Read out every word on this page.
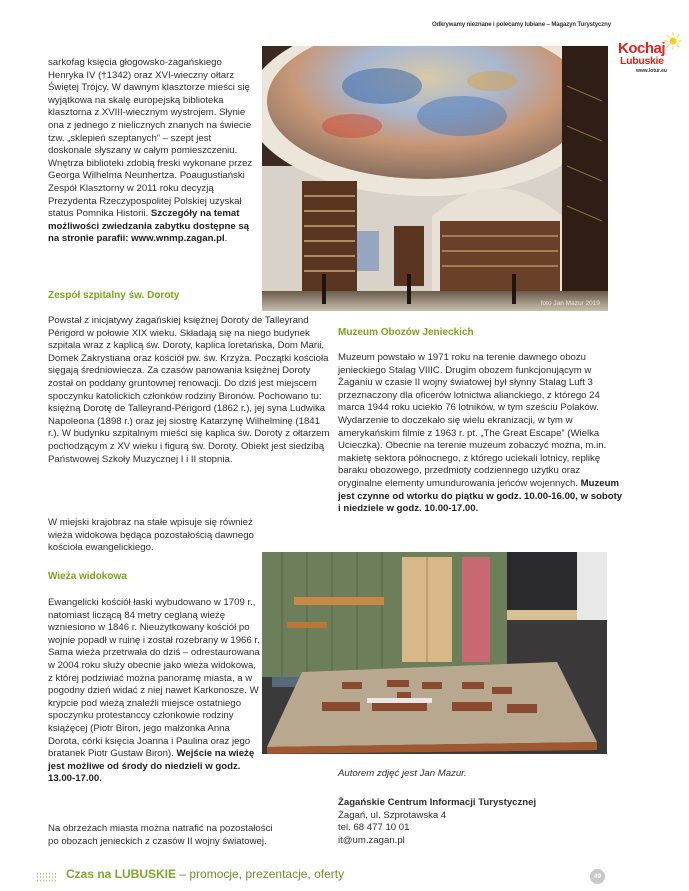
Odkrywamy nieznane i polecamy lubiane – Magazyn Turystyczny
Kochaj
Lubuskie
www.lotur.eu
foto Jan Mazur 2019

sarkofag księcia głogowsko-żagańskiego Henryka IV (†1342) oraz XVI-wieczny ołtarz Świętej Trójcy. W dawnym klasztorze mieści się wyjątkowa na skalę europejską biblioteka klasztorna z XVIII-wiecznym wystrojem. Słynie ona z jednego z nielicznych znanych na świecie tzw. „sklepień szeptanych” – szept jest doskonale słyszany w całym pomieszczeniu. Wnętrza biblioteki zdobią freski wykonane przez Georga Wilhelma Neunhertza. Poaugustiański Zespół Klasztorny w 2011 roku decyzją Prezydenta Rzeczypospolitej Polskiej uzyskał status Pomnika Historii. Szczegóły na temat możliwości zwiedzania zabytku dostępne są na stronie parafii: www.wnmp.zagan.pl.

Zespół szpitalny św. Doroty
Powstał z inicjatywy żagańskiej księżnej Doroty de Talleyrand Périgord w połowie XIX wieku. Składają się na niego budynek szpitala wraz z kaplicą św. Doroty, kaplica loretańska, Dom Marii, Domek Zakrystiana oraz kościół pw. św. Krzyża. Początki kościoła sięgają średniowiecza. Za czasów panowania księżnej Doroty został on poddany gruntownej renowacji. Do dziś jest miejscem spoczynku katolickich członków rodziny Bironów. Pochowano tu: księżną Dorotę de Talleyrand-Périgord (1862 r.), jej syna Ludwika Napoleona (1898 r.) oraz jej siostrę Katarzynę Wilhelminę (1841 r.). W budynku szpitalnym mieści się kaplica św. Doroty z ołtarzem pochodzącym z XV wieku i figurą św. Doroty. Obiekt jest siedzibą Państwowej Szkoły Muzycznej I i II stopnia.
W miejski krajobraz na stałe wpisuje się również wieża widokowa będąca pozostałością dawnego kościoła ewangelickiego.
Wieża widokowa
Ewangelicki kościół łaski wybudowano w 1709 r., natomiast liczącą 84 metry ceglaną wieżę wzniesiono w 1846 r. Nieużytkowany kościół po wojnie popadł w ruinę i został rozebrany w 1966 r. Sama wieża przetrwała do dziś – odrestaurowana w 2004 roku służy obecnie jako wieża widokowa, z której podziwiać można panoramę miasta, a w pogodny dzień widać z niej nawet Karkonosze. W krypcie pod wieżą znaleźli miejsce ostatniego spoczynku protestanccy członkowie rodziny książęcej (Piotr Biron, jego małżonka Anna Dorota, córki księcia Joanna i Paulina oraz jego bratanek Piotr Gustaw Biron). Wejście na wieżę jest możliwe od środy do niedzieli w godz. 13.00-17.00.
Na obrzeżach miasta można natrafić na pozostałości po obozach jenieckich z czasów II wojny światowej.
Muzeum Obozów Jenieckich
Muzeum powstało w 1971 roku na terenie dawnego obozu jenieckiego Stalag VIIIC. Drugim obozem funkcjonującym w Żaganiu w czasie II wojny światowej był słynny Stalag Luft 3 przeznaczony dla oficerów lotnictwa alianckiego, z którego 24 marca 1944 roku uciekło 76 lotników, w tym sześciu Polaków. Wydarzenie to doczekało się wielu ekranizacji, w tym w amerykańskim filmie z 1963 r. pt. „The Great Escape” (Wielka Ucieczka). Obecnie na terenie muzeum zobaczyć można, m.in. makietę sektora północnego, z którego uciekali lotnicy, replikę baraku obozowego, przedmioty codziennego użytku oraz oryginalne elementy umundurowania jeńców wojennych. Muzeum jest czynne od wtorku do piątku w godz. 10.00-16.00, w soboty i niedziele w godz. 10.00-17.00.
Autorem zdjęć jest Jan Mazur.
Żagańskie Centrum Informacji Turystycznej
Żagań, ul. Szprotawska 4
tel. 68 477 10 01
it@um.zagan.pl
Czas na LUBUSKIE – promocje, prezentacje, oferty	49
